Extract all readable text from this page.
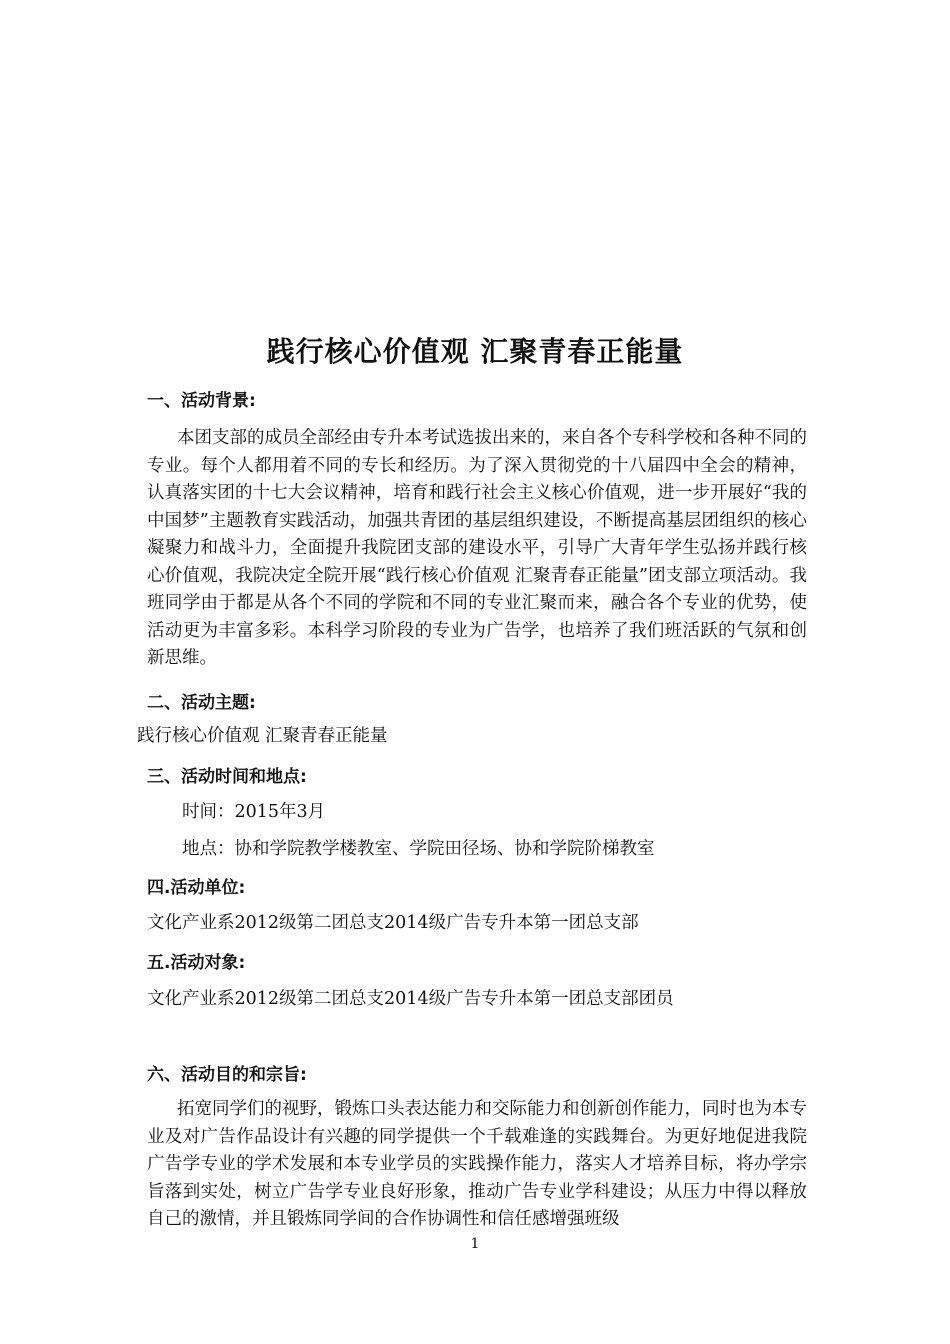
践行核心价值观 汇聚青春正能量
一、活动背景:

本团支部的成员全部经由专升本考试选拔出来的，来自各个专科学校和各种不同的专业。每个人都用着不同的专长和经历。为了深入贯彻党的十八届四中全会的精神，认真落实团的十七大会议精神，培育和践行社会主义核心价值观，进一步开展好“我的中国梦”主题教育实践活动，加强共青团的基层组织建设，不断提高基层团组织的核心凝聚力和战斗力，全面提升我院团支部的建设水平，引导广大青年学生弘扬并践行核心价值观，我院决定全院开展“践行核心价值观 汇聚青春正能量”团支部立项活动。我班同学由于都是从各个不同的学院和不同的专业汇聚而来，融合各个专业的优势，使活动更为丰富多彩。本科学习阶段的专业为广告学，也培养了我们班活跃的气氛和创新思维。

二、活动主题:

践行核心价值观 汇聚青春正能量

三、活动时间和地点:

时间：2015年3月

地点：协和学院教学楼教室、学院田径场、协和学院阶梯教室

四.活动单位:

文化产业系2012级第二团总支2014级广告专升本第一团总支部

五.活动对象:

文化产业系2012级第二团总支2014级广告专升本第一团总支部团员

六、活动目的和宗旨:

拓宽同学们的视野，锻炼口头表达能力和交际能力和创新创作能力，同时也为本专业及对广告作品设计有兴趣的同学提供一个千载难逢的实践舞台。为更好地促进我院广告学专业的学术发展和本专业学员的实践操作能力，落实人才培养目标，将办学宗旨落到实处，树立广告学专业良好形象，推动广告专业学科建设；从压力中得以释放自己的激情，并且锻炼同学间的合作协调性和信任感增强班级

1
